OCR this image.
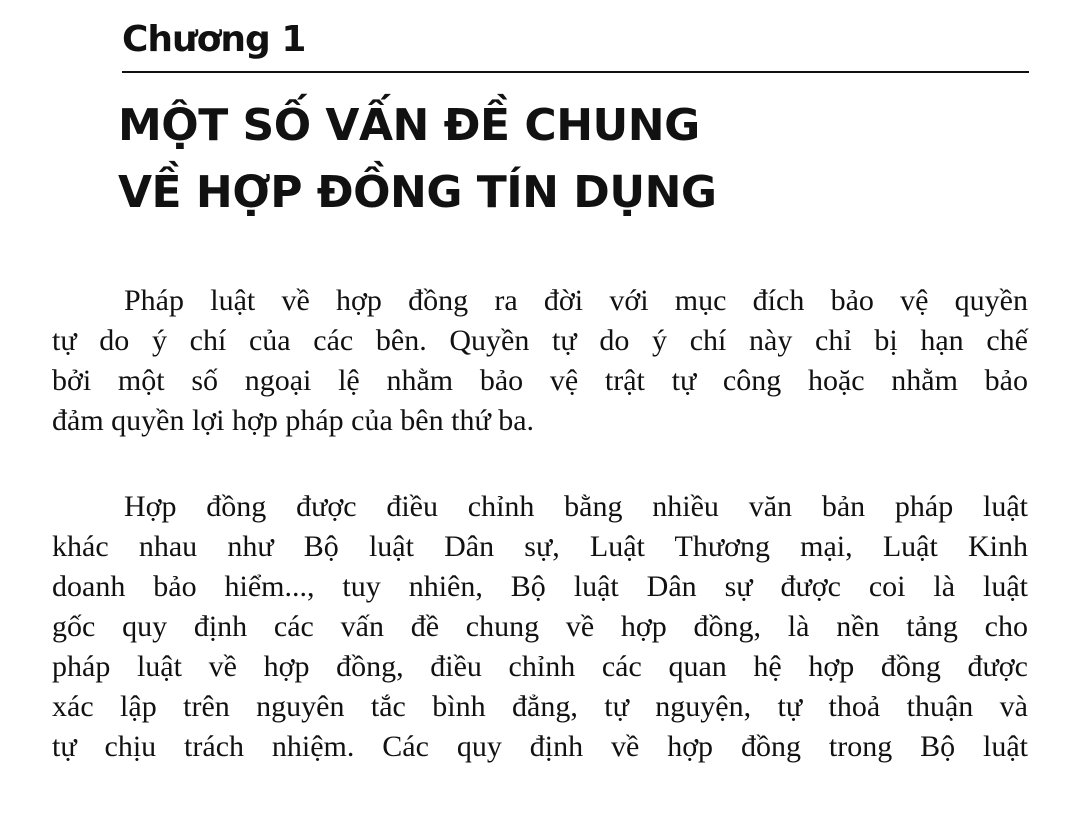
Chương 1
MỘT SỐ VẤN ĐỀ CHUNG
VỀ HỢP ĐỒNG TÍN DỤNG

Pháp luật về hợp đồng ra đời với mục đích bảo vệ quyền
tự do ý chí của các bên. Quyền tự do ý chí này chỉ bị hạn chế
bởi một số ngoại lệ nhằm bảo vệ trật tự công hoặc nhằm bảo
đảm quyền lợi hợp pháp của bên thứ ba.

Hợp đồng được điều chỉnh bằng nhiều văn bản pháp luật
khác nhau như Bộ luật Dân sự, Luật Thương mại, Luật Kinh
doanh bảo hiểm..., tuy nhiên, Bộ luật Dân sự được coi là luật
gốc quy định các vấn đề chung về hợp đồng, là nền tảng cho
pháp luật về hợp đồng, điều chỉnh các quan hệ hợp đồng được
xác lập trên nguyên tắc bình đẳng, tự nguyện, tự thoả thuận và
tự chịu trách nhiệm. Các quy định về hợp đồng trong Bộ luật
